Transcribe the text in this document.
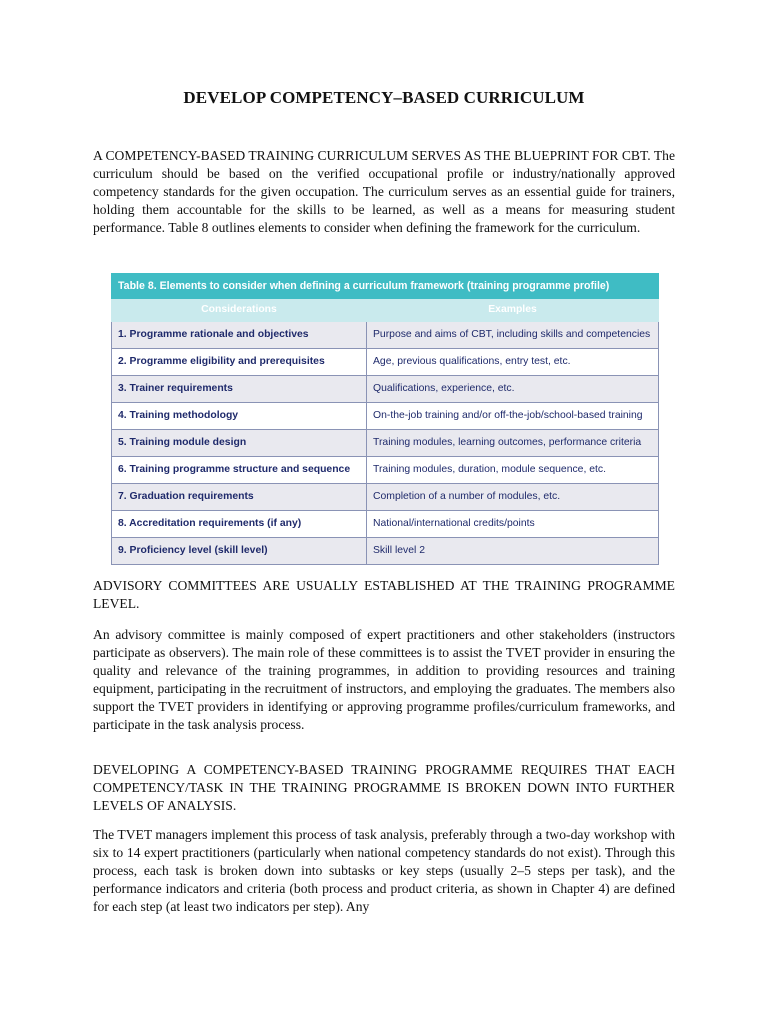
DEVELOP COMPETENCY–BASED CURRICULUM

A COMPETENCY-BASED TRAINING CURRICULUM SERVES AS THE BLUEPRINT FOR CBT. The curriculum should be based on the verified occupational profile or industry/nationally approved competency standards for the given occupation. The curriculum serves as an essential guide for trainers, holding them accountable for the skills to be learned, as well as a means for measuring student performance. Table 8 outlines elements to consider when defining the framework for the curriculum.

Table 8. Elements to consider when defining a curriculum framework (training programme profile)	
Considerations	Examples
1. Programme rationale and objectives	Purpose and aims of CBT, including skills and competencies
2. Programme eligibility and prerequisites	Age, previous qualifications, entry test, etc.
3. Trainer requirements	Qualifications, experience, etc.
4. Training methodology	On-the-job training and/or off-the-job/school-based training
5. Training module design	Training modules, learning outcomes, performance criteria
6. Training programme structure and sequence	Training modules, duration, module sequence, etc.
7. Graduation requirements	Completion of a number of modules, etc.
8. Accreditation requirements (if any)	National/international credits/points
9. Proficiency level (skill level)	Skill level 2

ADVISORY COMMITTEES ARE USUALLY ESTABLISHED AT THE TRAINING PROGRAMME LEVEL.

An advisory committee is mainly composed of expert practitioners and other stakeholders (instructors participate as observers). The main role of these committees is to assist the TVET provider in ensuring the quality and relevance of the training programmes, in addition to providing resources and training equipment, participating in the recruitment of instructors, and employing the graduates. The members also support the TVET providers in identifying or approving programme profiles/curriculum frameworks, and participate in the task analysis process.

DEVELOPING A COMPETENCY-BASED TRAINING PROGRAMME REQUIRES THAT EACH COMPETENCY/TASK IN THE TRAINING PROGRAMME IS BROKEN DOWN INTO FURTHER LEVELS OF ANALYSIS.

The TVET managers implement this process of task analysis, preferably through a two-day workshop with six to 14 expert practitioners (particularly when national competency standards do not exist). Through this process, each task is broken down into subtasks or key steps (usually 2–5 steps per task), and the performance indicators and criteria (both process and product criteria, as shown in Chapter 4) are defined for each step (at least two indicators per step). Any
